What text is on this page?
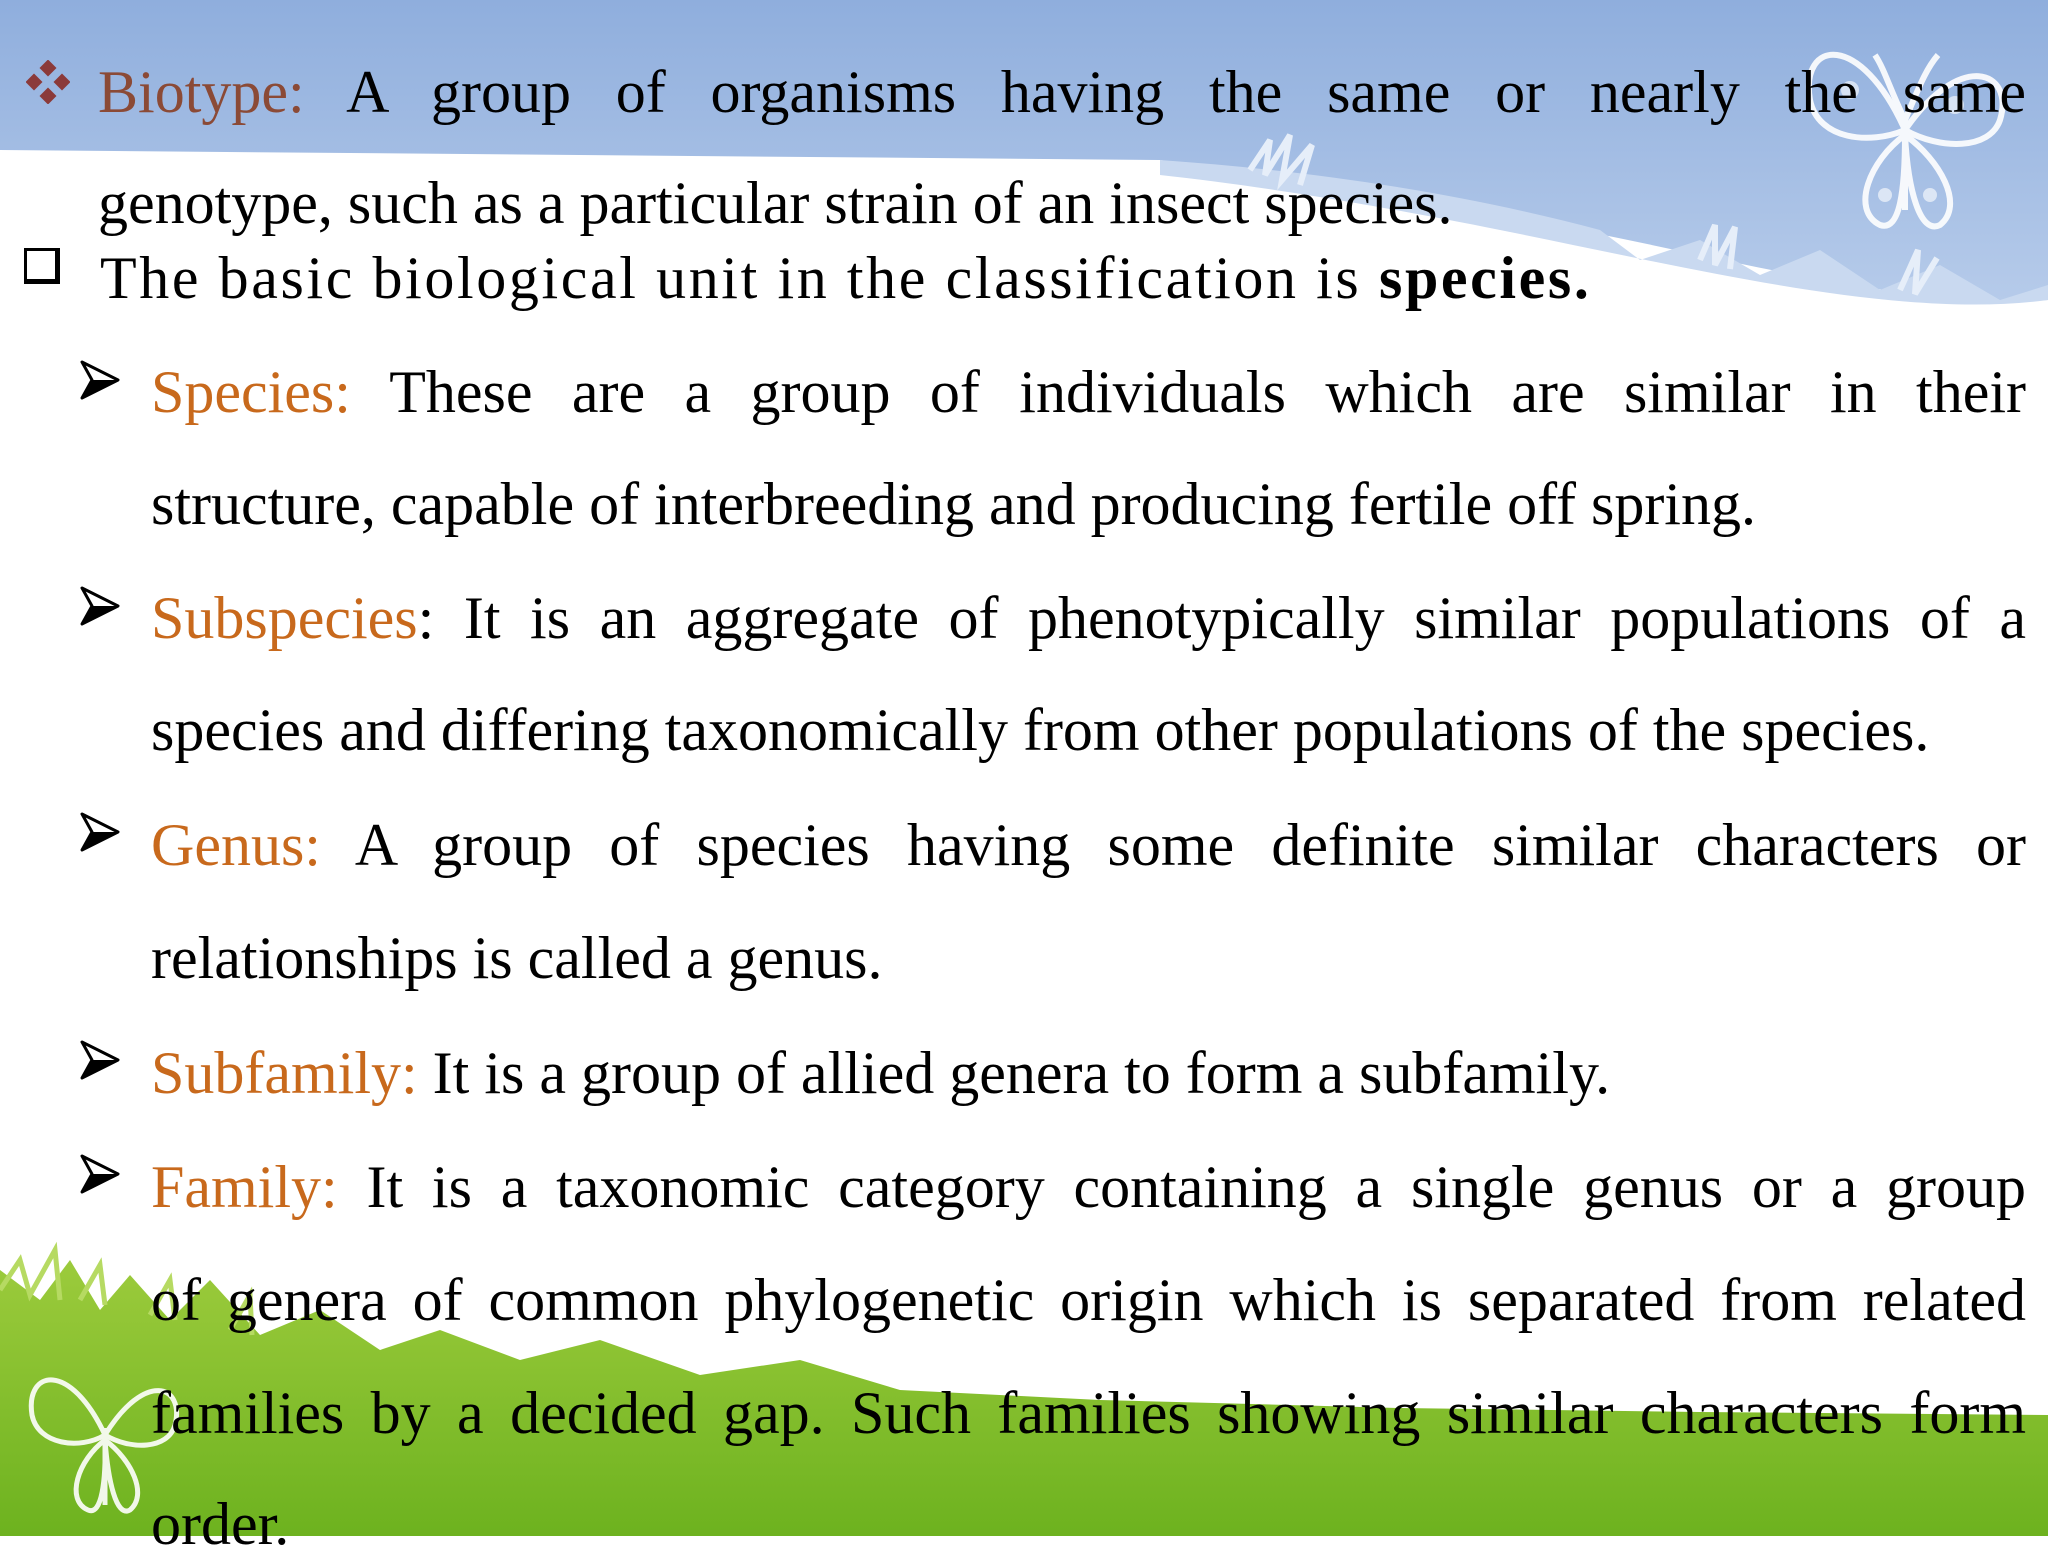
Biotype: A group of organisms having the same or nearly the same
genotype, such as a particular strain of an insect species.
The basic biological unit in the classification is species.
Species: These are a group of individuals which are similar in their
structure, capable of interbreeding and producing fertile off spring.
Subspecies: It is an aggregate of phenotypically similar populations of a
species and differing taxonomically from other populations of the species.
Genus: A group of species having some definite similar characters or
relationships is called a genus.
Subfamily: It is a group of allied genera to form a subfamily.
Family: It is a taxonomic category containing a single genus or a group
of genera of common phylogenetic origin which is separated from related
families by a decided gap. Such families showing similar characters form
order.
